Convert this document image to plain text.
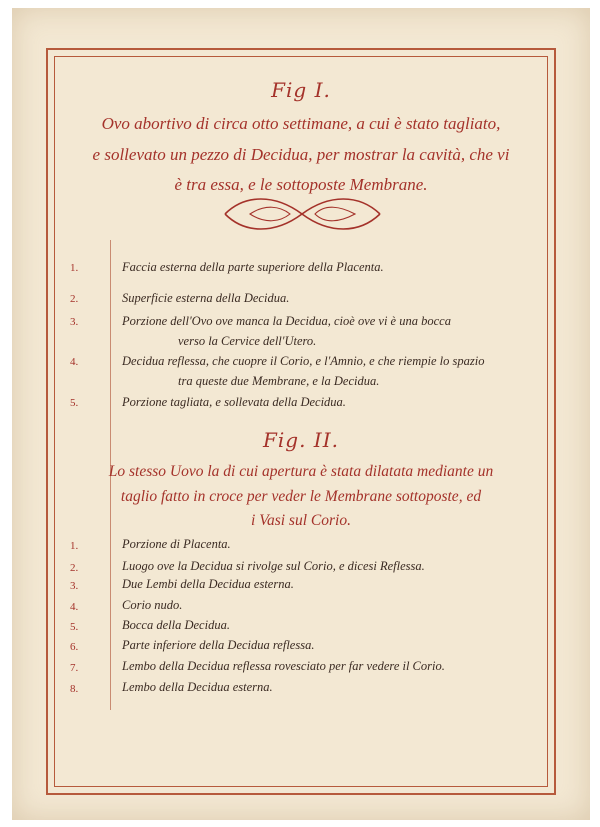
Fig I.
Ovo abortivo di circa otto settimane, a cui è stato tagliato,
e sollevato un pezzo di Decidua, per mostrar la cavità, che vi
è tra essa, e le sottoposte Membrane.
1.	Faccia esterna della parte superiore della Placenta.
2.	Superficie esterna della Decidua.
3.	Porzione dell'Ovo ove manca la Decidua, cioè ove vi è una bocca
verso la Cervice dell'Utero.
4.	Decidua reflessa, che cuopre il Corio, e l'Amnio, e che riempie lo spazio
tra queste due Membrane, e la Decidua.
5.	Porzione tagliata, e sollevata della Decidua.
Fig. II.
Lo stesso Uovo la di cui apertura è stata dilatata mediante un
taglio fatto in croce per veder le Membrane sottoposte, ed
i Vasi sul Corio.
1.	Porzione di Placenta.
2.	Luogo ove la Decidua si rivolge sul Corio, e dicesi Reflessa.
3.	Due Lembi della Decidua esterna.
4.	Corio nudo.
5.	Bocca della Decidua.
6.	Parte inferiore della Decidua reflessa.
7.	Lembo della Decidua reflessa rovesciato per far vedere il Corio.
8.	Lembo della Decidua esterna.
